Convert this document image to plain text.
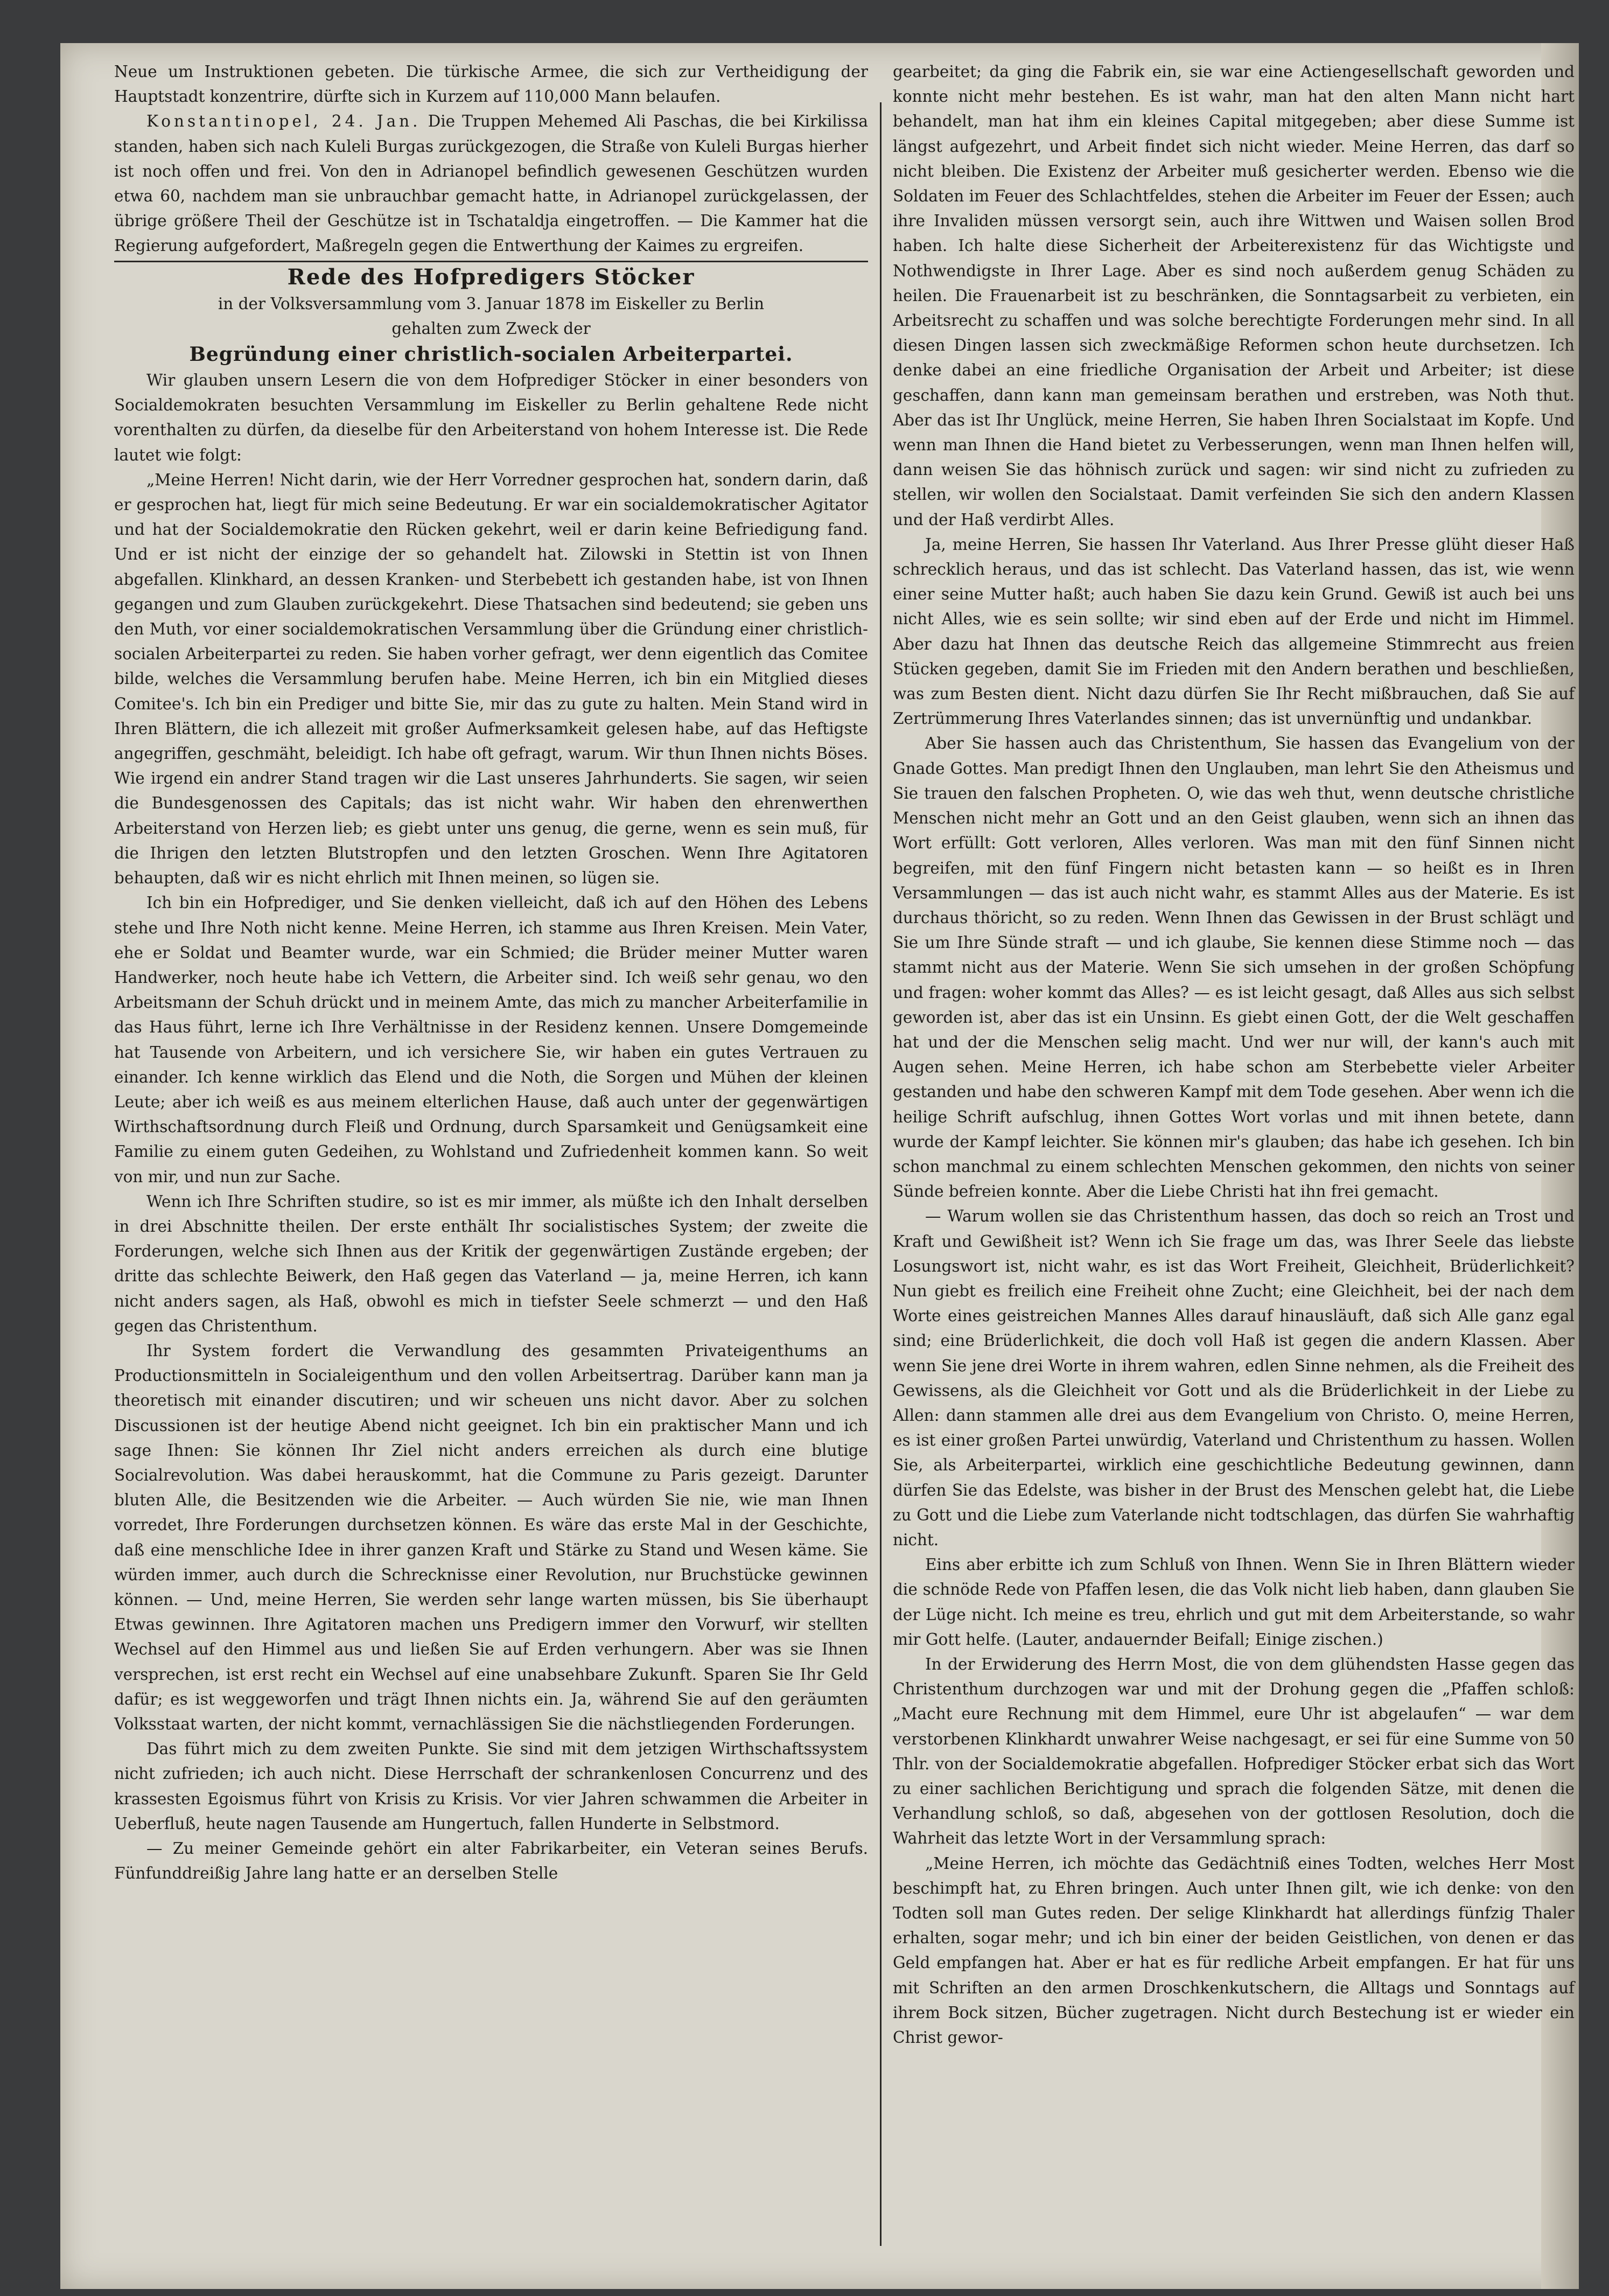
Neue um Instruktionen gebeten. Die türkische Armee, die sich zur Vertheidigung der Hauptstadt konzentrire, dürfte sich in Kurzem auf 110,000 Mann belaufen.

Konstantinopel, 24. Jan. Die Truppen Mehemed Ali Paschas, die bei Kirkilissa standen, haben sich nach Kuleli Burgas zurückgezogen, die Straße von Kuleli Burgas hierher ist noch offen und frei. Von den in Adrianopel befindlich gewesenen Geschützen wurden etwa 60, nachdem man sie unbrauchbar gemacht hatte, in Adrianopel zurückgelassen, der übrige größere Theil der Geschütze ist in Tschataldja eingetroffen. — Die Kammer hat die Regierung aufgefordert, Maßregeln gegen die Entwerthung der Kaimes zu ergreifen.

Rede des Hofpredigers Stöcker

in der Volksversammlung vom 3. Januar 1878 im Eiskeller zu Berlin

gehalten zum Zweck der

Begründung einer christlich-socialen Arbeiterpartei.

Wir glauben unsern Lesern die von dem Hofprediger Stöcker in einer besonders von Socialdemokraten besuchten Versammlung im Eiskeller zu Berlin gehaltene Rede nicht vorenthalten zu dürfen, da dieselbe für den Arbeiterstand von hohem Interesse ist. Die Rede lautet wie folgt:

„Meine Herren! Nicht darin, wie der Herr Vorredner gesprochen hat, sondern darin, daß er gesprochen hat, liegt für mich seine Bedeutung. Er war ein socialdemokratischer Agitator und hat der Socialdemokratie den Rücken gekehrt, weil er darin keine Befriedigung fand. Und er ist nicht der einzige der so gehandelt hat. Zilowski in Stettin ist von Ihnen abgefallen. Klinkhard, an dessen Kranken- und Sterbebett ich gestanden habe, ist von Ihnen gegangen und zum Glauben zurückgekehrt. Diese Thatsachen sind bedeutend; sie geben uns den Muth, vor einer socialdemokratischen Versammlung über die Gründung einer christlich-socialen Arbeiterpartei zu reden. Sie haben vorher gefragt, wer denn eigentlich das Comitee bilde, welches die Versammlung berufen habe. Meine Herren, ich bin ein Mitglied dieses Comitee's. Ich bin ein Prediger und bitte Sie, mir das zu gute zu halten. Mein Stand wird in Ihren Blättern, die ich allezeit mit großer Aufmerksamkeit gelesen habe, auf das Heftigste angegriffen, geschmäht, beleidigt. Ich habe oft gefragt, warum. Wir thun Ihnen nichts Böses. Wie irgend ein andrer Stand tragen wir die Last unseres Jahrhunderts. Sie sagen, wir seien die Bundesgenossen des Capitals; das ist nicht wahr. Wir haben den ehrenwerthen Arbeiterstand von Herzen lieb; es giebt unter uns genug, die gerne, wenn es sein muß, für die Ihrigen den letzten Blutstropfen und den letzten Groschen. Wenn Ihre Agitatoren behaupten, daß wir es nicht ehrlich mit Ihnen meinen, so lügen sie.

Ich bin ein Hofprediger, und Sie denken vielleicht, daß ich auf den Höhen des Lebens stehe und Ihre Noth nicht kenne. Meine Herren, ich stamme aus Ihren Kreisen. Mein Vater, ehe er Soldat und Beamter wurde, war ein Schmied; die Brüder meiner Mutter waren Handwerker, noch heute habe ich Vettern, die Arbeiter sind. Ich weiß sehr genau, wo den Arbeitsmann der Schuh drückt und in meinem Amte, das mich zu mancher Arbeiterfamilie in das Haus führt, lerne ich Ihre Verhältnisse in der Residenz kennen. Unsere Domgemeinde hat Tausende von Arbeitern, und ich versichere Sie, wir haben ein gutes Vertrauen zu einander. Ich kenne wirklich das Elend und die Noth, die Sorgen und Mühen der kleinen Leute; aber ich weiß es aus meinem elterlichen Hause, daß auch unter der gegenwärtigen Wirthschaftsordnung durch Fleiß und Ordnung, durch Sparsamkeit und Genügsamkeit eine Familie zu einem guten Gedeihen, zu Wohlstand und Zufriedenheit kommen kann. So weit von mir, und nun zur Sache.

Wenn ich Ihre Schriften studire, so ist es mir immer, als müßte ich den Inhalt derselben in drei Abschnitte theilen. Der erste enthält Ihr socialistisches System; der zweite die Forderungen, welche sich Ihnen aus der Kritik der gegenwärtigen Zustände ergeben; der dritte das schlechte Beiwerk, den Haß gegen das Vaterland — ja, meine Herren, ich kann nicht anders sagen, als Haß, obwohl es mich in tiefster Seele schmerzt — und den Haß gegen das Christenthum.

Ihr System fordert die Verwandlung des gesammten Privateigenthums an Productionsmitteln in Socialeigenthum und den vollen Arbeitsertrag. Darüber kann man ja theoretisch mit einander discutiren; und wir scheuen uns nicht davor. Aber zu solchen Discussionen ist der heutige Abend nicht geeignet. Ich bin ein praktischer Mann und ich sage Ihnen: Sie können Ihr Ziel nicht anders erreichen als durch eine blutige Socialrevolution. Was dabei herauskommt, hat die Commune zu Paris gezeigt. Darunter bluten Alle, die Besitzenden wie die Arbeiter. — Auch würden Sie nie, wie man Ihnen vorredet, Ihre Forderungen durchsetzen können. Es wäre das erste Mal in der Geschichte, daß eine menschliche Idee in ihrer ganzen Kraft und Stärke zu Stand und Wesen käme. Sie würden immer, auch durch die Schrecknisse einer Revolution, nur Bruchstücke gewinnen können. — Und, meine Herren, Sie werden sehr lange warten müssen, bis Sie überhaupt Etwas gewinnen. Ihre Agitatoren machen uns Predigern immer den Vorwurf, wir stellten Wechsel auf den Himmel aus und ließen Sie auf Erden verhungern. Aber was sie Ihnen versprechen, ist erst recht ein Wechsel auf eine unabsehbare Zukunft. Sparen Sie Ihr Geld dafür; es ist weggeworfen und trägt Ihnen nichts ein. Ja, während Sie auf den geräumten Volksstaat warten, der nicht kommt, vernachlässigen Sie die nächstliegenden Forderungen.

Das führt mich zu dem zweiten Punkte. Sie sind mit dem jetzigen Wirthschaftssystem nicht zufrieden; ich auch nicht. Diese Herrschaft der schrankenlosen Concurrenz und des krassesten Egoismus führt von Krisis zu Krisis. Vor vier Jahren schwammen die Arbeiter in Ueberfluß, heute nagen Tausende am Hungertuch, fallen Hunderte in Selbstmord.

— Zu meiner Gemeinde gehört ein alter Fabrikarbeiter, ein Veteran seines Berufs. Fünfunddreißig Jahre lang hatte er an derselben Stelle

gearbeitet; da ging die Fabrik ein, sie war eine Actiengesellschaft geworden und konnte nicht mehr bestehen. Es ist wahr, man hat den alten Mann nicht hart behandelt, man hat ihm ein kleines Capital mitgegeben; aber diese Summe ist längst aufgezehrt, und Arbeit findet sich nicht wieder. Meine Herren, das darf so nicht bleiben. Die Existenz der Arbeiter muß gesicherter werden. Ebenso wie die Soldaten im Feuer des Schlachtfeldes, stehen die Arbeiter im Feuer der Essen; auch ihre Invaliden müssen versorgt sein, auch ihre Wittwen und Waisen sollen Brod haben. Ich halte diese Sicherheit der Arbeiterexistenz für das Wichtigste und Nothwendigste in Ihrer Lage. Aber es sind noch außerdem genug Schäden zu heilen. Die Frauenarbeit ist zu beschränken, die Sonntagsarbeit zu verbieten, ein Arbeitsrecht zu schaffen und was solche berechtigte Forderungen mehr sind. In all diesen Dingen lassen sich zweckmäßige Reformen schon heute durchsetzen. Ich denke dabei an eine friedliche Organisation der Arbeit und Arbeiter; ist diese geschaffen, dann kann man gemeinsam berathen und erstreben, was Noth thut. Aber das ist Ihr Unglück, meine Herren, Sie haben Ihren Socialstaat im Kopfe. Und wenn man Ihnen die Hand bietet zu Verbesserungen, wenn man Ihnen helfen will, dann weisen Sie das höhnisch zurück und sagen: wir sind nicht zu zufrieden zu stellen, wir wollen den Socialstaat. Damit verfeinden Sie sich den andern Klassen und der Haß verdirbt Alles.

Ja, meine Herren, Sie hassen Ihr Vaterland. Aus Ihrer Presse glüht dieser Haß schrecklich heraus, und das ist schlecht. Das Vaterland hassen, das ist, wie wenn einer seine Mutter haßt; auch haben Sie dazu kein Grund. Gewiß ist auch bei uns nicht Alles, wie es sein sollte; wir sind eben auf der Erde und nicht im Himmel. Aber dazu hat Ihnen das deutsche Reich das allgemeine Stimmrecht aus freien Stücken gegeben, damit Sie im Frieden mit den Andern berathen und beschließen, was zum Besten dient. Nicht dazu dürfen Sie Ihr Recht mißbrauchen, daß Sie auf Zertrümmerung Ihres Vaterlandes sinnen; das ist unvernünftig und undankbar.

Aber Sie hassen auch das Christenthum, Sie hassen das Evangelium von der Gnade Gottes. Man predigt Ihnen den Unglauben, man lehrt Sie den Atheismus und Sie trauen den falschen Propheten. O, wie das weh thut, wenn deutsche christliche Menschen nicht mehr an Gott und an den Geist glauben, wenn sich an ihnen das Wort erfüllt: Gott verloren, Alles verloren. Was man mit den fünf Sinnen nicht begreifen, mit den fünf Fingern nicht betasten kann — so heißt es in Ihren Versammlungen — das ist auch nicht wahr, es stammt Alles aus der Materie. Es ist durchaus thöricht, so zu reden. Wenn Ihnen das Gewissen in der Brust schlägt und Sie um Ihre Sünde straft — und ich glaube, Sie kennen diese Stimme noch — das stammt nicht aus der Materie. Wenn Sie sich umsehen in der großen Schöpfung und fragen: woher kommt das Alles? — es ist leicht gesagt, daß Alles aus sich selbst geworden ist, aber das ist ein Unsinn. Es giebt einen Gott, der die Welt geschaffen hat und der die Menschen selig macht. Und wer nur will, der kann's auch mit Augen sehen. Meine Herren, ich habe schon am Sterbebette vieler Arbeiter gestanden und habe den schweren Kampf mit dem Tode gesehen. Aber wenn ich die heilige Schrift aufschlug, ihnen Gottes Wort vorlas und mit ihnen betete, dann wurde der Kampf leichter. Sie können mir's glauben; das habe ich gesehen. Ich bin schon manchmal zu einem schlechten Menschen gekommen, den nichts von seiner Sünde befreien konnte. Aber die Liebe Christi hat ihn frei gemacht.

— Warum wollen sie das Christenthum hassen, das doch so reich an Trost und Kraft und Gewißheit ist? Wenn ich Sie frage um das, was Ihrer Seele das liebste Losungswort ist, nicht wahr, es ist das Wort Freiheit, Gleichheit, Brüderlichkeit? Nun giebt es freilich eine Freiheit ohne Zucht; eine Gleichheit, bei der nach dem Worte eines geistreichen Mannes Alles darauf hinausläuft, daß sich Alle ganz egal sind; eine Brüderlichkeit, die doch voll Haß ist gegen die andern Klassen. Aber wenn Sie jene drei Worte in ihrem wahren, edlen Sinne nehmen, als die Freiheit des Gewissens, als die Gleichheit vor Gott und als die Brüderlichkeit in der Liebe zu Allen: dann stammen alle drei aus dem Evangelium von Christo. O, meine Herren, es ist einer großen Partei unwürdig, Vaterland und Christenthum zu hassen. Wollen Sie, als Arbeiterpartei, wirklich eine geschichtliche Bedeutung gewinnen, dann dürfen Sie das Edelste, was bisher in der Brust des Menschen gelebt hat, die Liebe zu Gott und die Liebe zum Vaterlande nicht todtschlagen, das dürfen Sie wahrhaftig nicht.

Eins aber erbitte ich zum Schluß von Ihnen. Wenn Sie in Ihren Blättern wieder die schnöde Rede von Pfaffen lesen, die das Volk nicht lieb haben, dann glauben Sie der Lüge nicht. Ich meine es treu, ehrlich und gut mit dem Arbeiterstande, so wahr mir Gott helfe. (Lauter, andauernder Beifall; Einige zischen.)

In der Erwiderung des Herrn Most, die von dem glühendsten Hasse gegen das Christenthum durchzogen war und mit der Drohung gegen die „Pfaffen schloß: „Macht eure Rechnung mit dem Himmel, eure Uhr ist abgelaufen“ — war dem verstorbenen Klinkhardt unwahrer Weise nachgesagt, er sei für eine Summe von 50 Thlr. von der Socialdemokratie abgefallen. Hofprediger Stöcker erbat sich das Wort zu einer sachlichen Berichtigung und sprach die folgenden Sätze, mit denen die Verhandlung schloß, so daß, abgesehen von der gottlosen Resolution, doch die Wahrheit das letzte Wort in der Versammlung sprach:

„Meine Herren, ich möchte das Gedächtniß eines Todten, welches Herr Most beschimpft hat, zu Ehren bringen. Auch unter Ihnen gilt, wie ich denke: von den Todten soll man Gutes reden. Der selige Klinkhardt hat allerdings fünfzig Thaler erhalten, sogar mehr; und ich bin einer der beiden Geistlichen, von denen er das Geld empfangen hat. Aber er hat es für redliche Arbeit empfangen. Er hat für uns mit Schriften an den armen Droschkenkutschern, die Alltags und Sonntags auf ihrem Bock sitzen, Bücher zugetragen. Nicht durch Bestechung ist er wieder ein Christ gewor-
